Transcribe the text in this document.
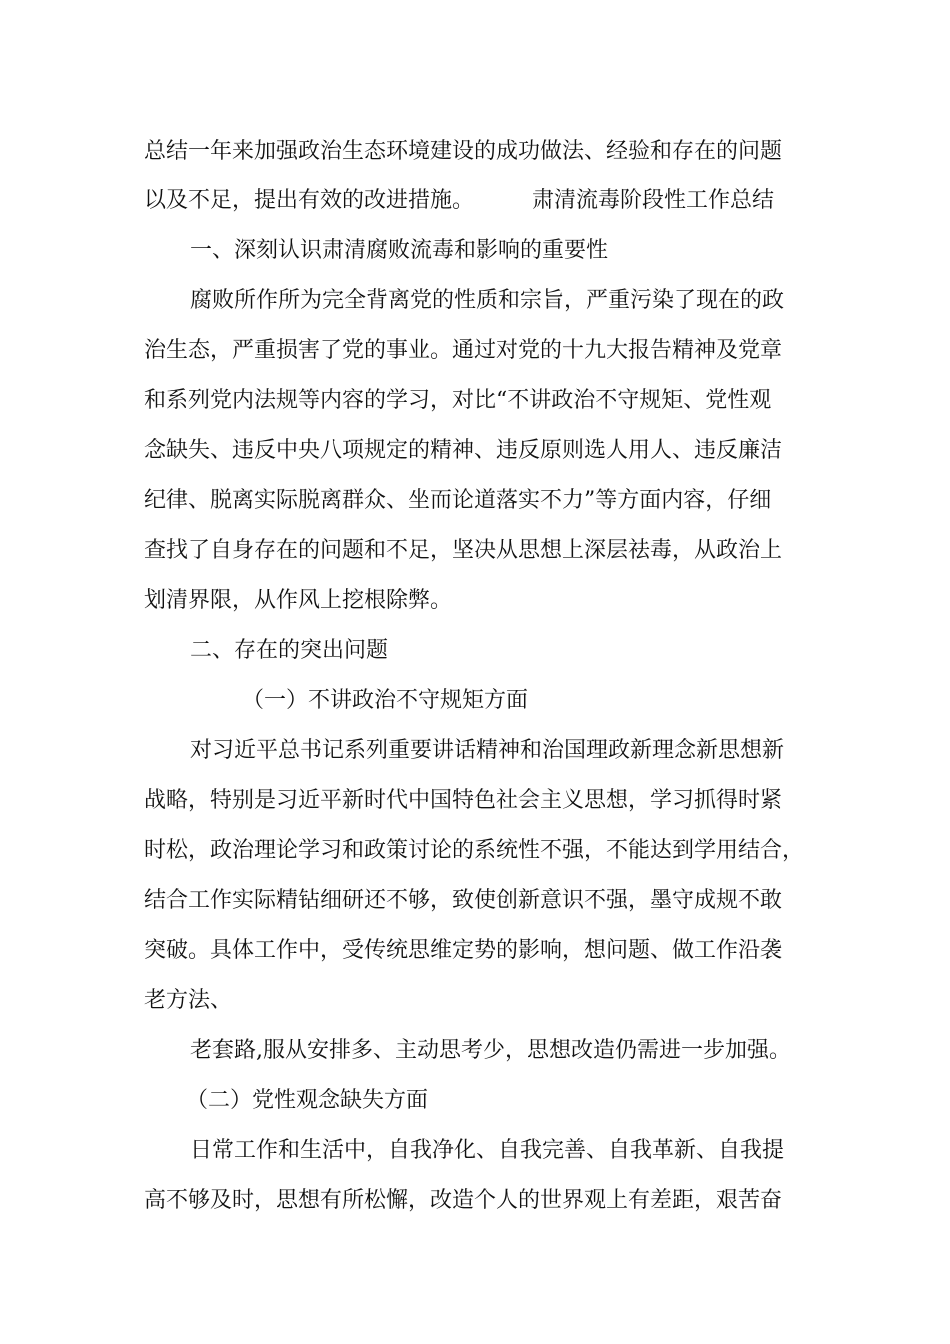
总结一年来加强政治生态环境建设的成功做法、经验和存在的问题
以及不足，提出有效的改进措施。	肃清流毒阶段性工作总结
一、深刻认识肃清腐败流毒和影响的重要性
腐败所作所为完全背离党的性质和宗旨，严重污染了现在的政
治生态，严重损害了党的事业。通过对党的十九大报告精神及党章
和系列党内法规等内容的学习，对比“不讲政治不守规矩、党性观
念缺失、违反中央八项规定的精神、违反原则选人用人、违反廉洁
纪律、脱离实际脱离群众、坐而论道落实不力”等方面内容，仔细
查找了自身存在的问题和不足，坚决从思想上深层祛毒，从政治上
划清界限，从作风上挖根除弊。
二、存在的突出问题
（一）不讲政治不守规矩方面
对习近平总书记系列重要讲话精神和治国理政新理念新思想新
战略，特别是习近平新时代中国特色社会主义思想，学习抓得时紧
时松，政治理论学习和政策讨论的系统性不强，不能达到学用结合，
结合工作实际精钻细研还不够，致使创新意识不强，墨守成规不敢
突破。具体工作中，受传统思维定势的影响，想问题、做工作沿袭
老方法、
老套路,服从安排多、主动思考少，思想改造仍需进一步加强。
（二）党性观念缺失方面
日常工作和生活中，自我净化、自我完善、自我革新、自我提
高不够及时，思想有所松懈，改造个人的世界观上有差距，艰苦奋
